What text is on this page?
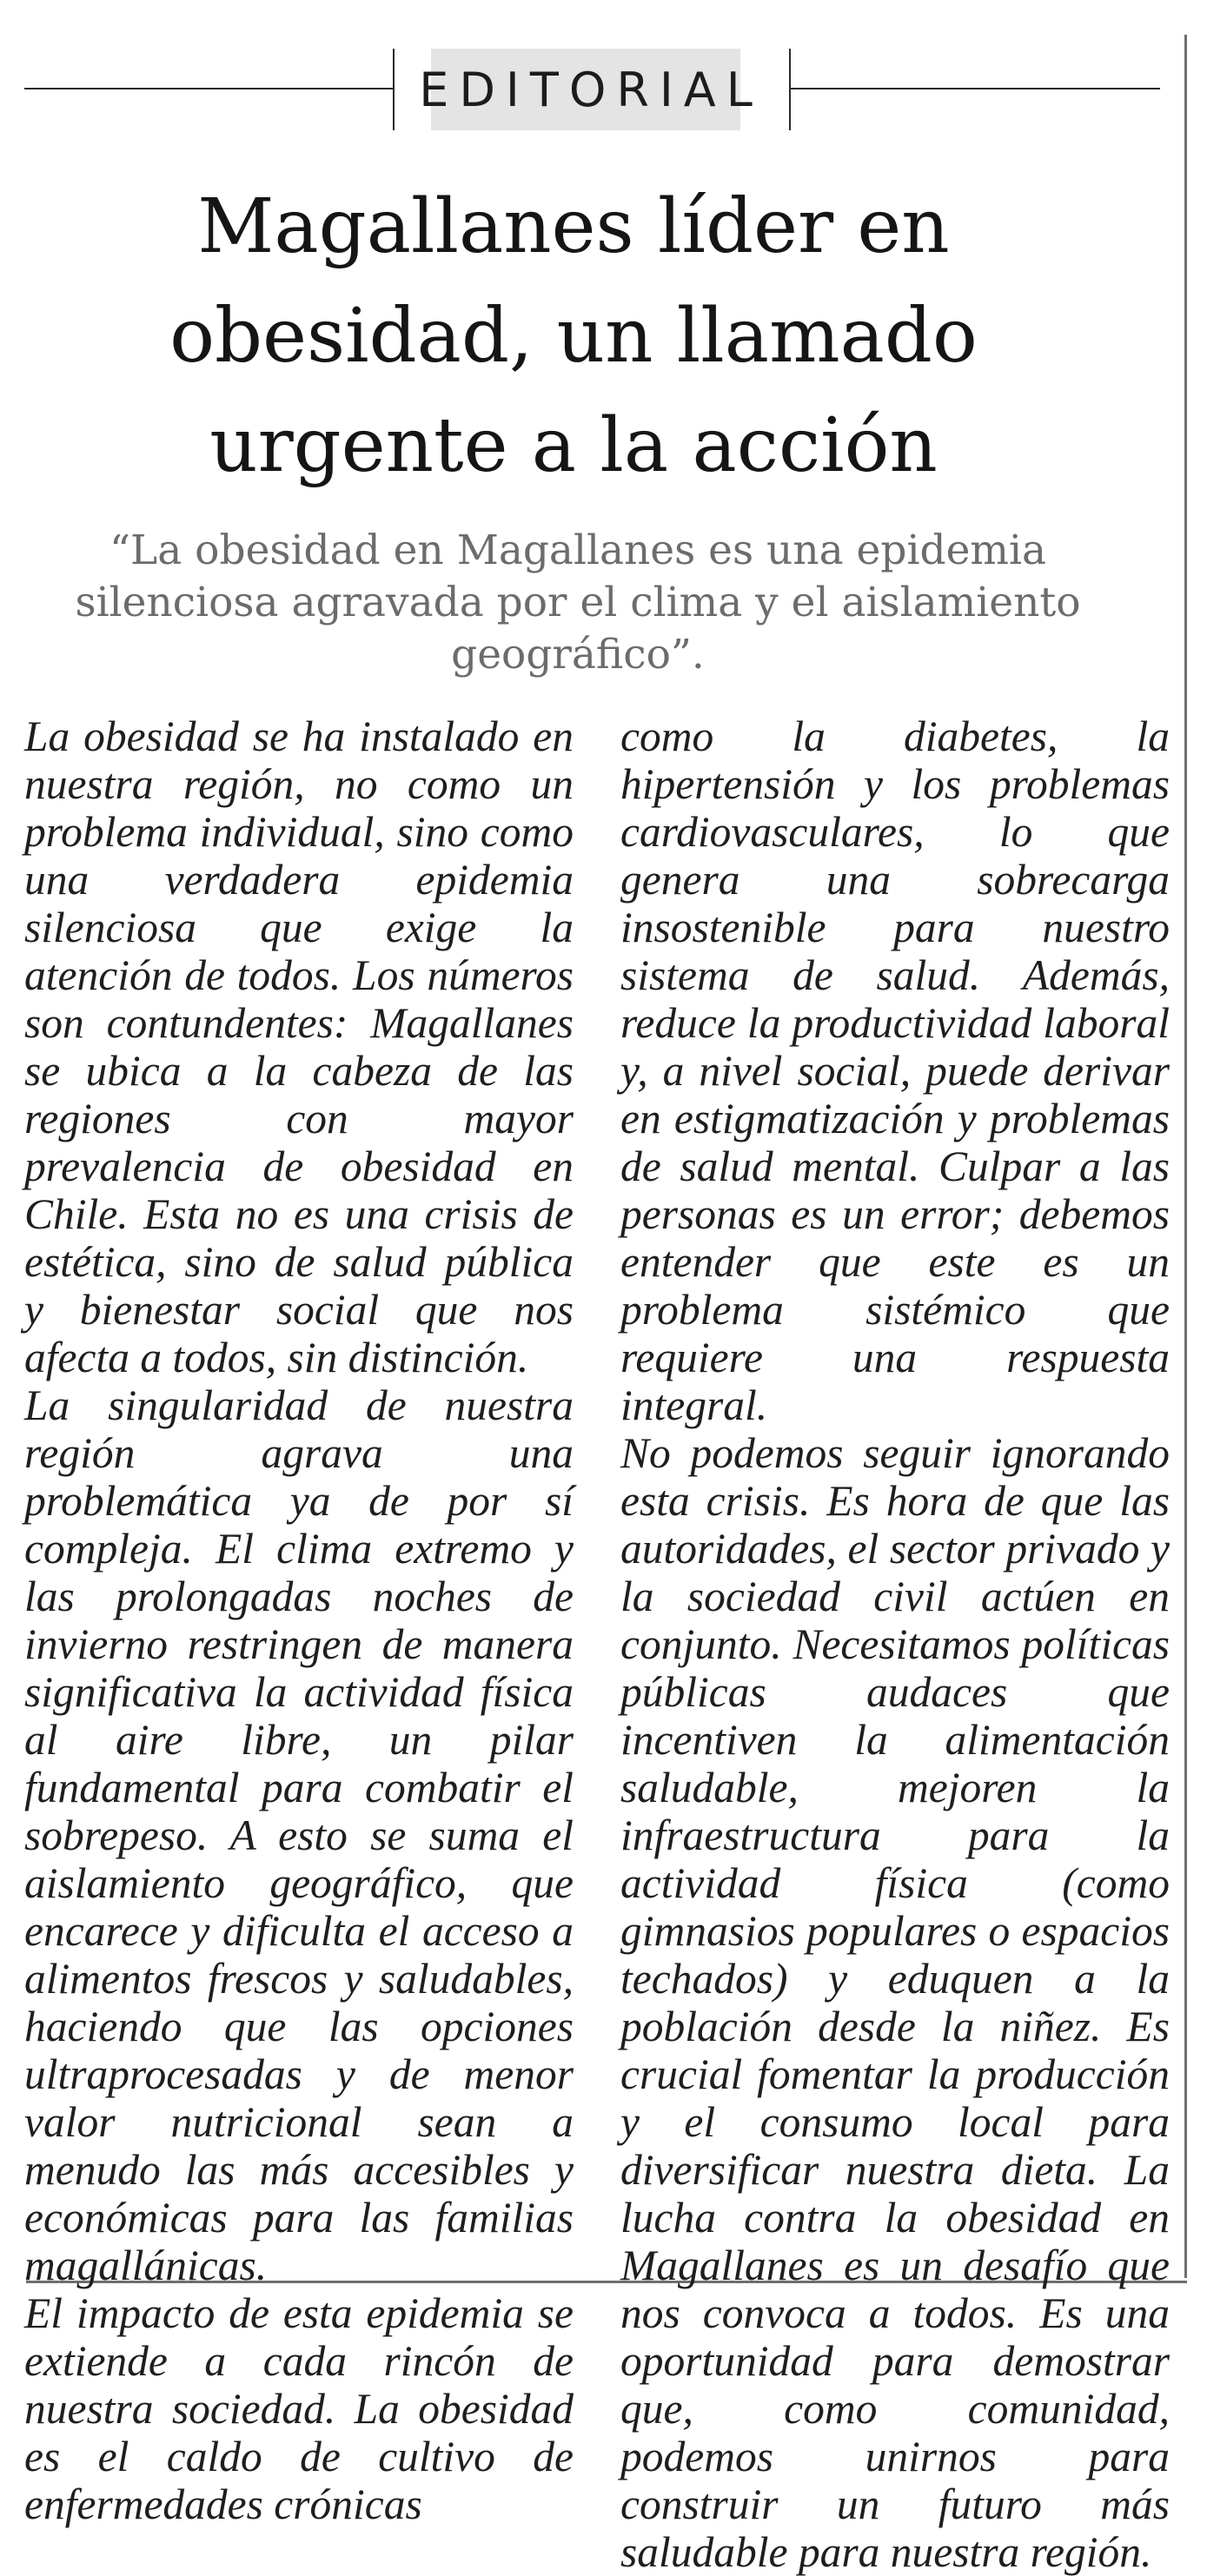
EDITORIAL
Magallanes líder en obesidad, un llamado urgente a la acción

“La obesidad en Magallanes es una epidemia silenciosa agravada por el clima y el aislamiento geográfico”.

La obesidad se ha instalado en nuestra región, no como un problema individual, sino como una verdadera epidemia silenciosa que exige la atención de todos. Los números son contundentes: Magallanes se ubica a la cabeza de las regiones con mayor prevalencia de obesidad en Chile. Esta no es una crisis de estética, sino de salud pública y bienestar social que nos afecta a todos, sin distinción.

La singularidad de nuestra región agrava una problemática ya de por sí compleja. El clima extremo y las prolongadas noches de invierno restringen de manera significativa la actividad física al aire libre, un pilar fundamental para combatir el sobrepeso. A esto se suma el aislamiento geográfico, que encarece y dificulta el acceso a alimentos frescos y saludables, haciendo que las opciones ultraprocesadas y de menor valor nutricional sean a menudo las más accesibles y económicas para las familias magallánicas.

El impacto de esta epidemia se extiende a cada rincón de nuestra sociedad. La obesidad es el caldo de cultivo de enfermedades crónicas

como la diabetes, la hipertensión y los problemas cardiovasculares, lo que genera una sobrecarga insostenible para nuestro sistema de salud. Además, reduce la productividad laboral y, a nivel social, puede derivar en estigmatización y problemas de salud mental. Culpar a las personas es un error; debemos entender que este es un problema sistémico que requiere una respuesta integral.

No podemos seguir ignorando esta crisis. Es hora de que las autoridades, el sector privado y la sociedad civil actúen en conjunto. Necesitamos políticas públicas audaces que incentiven la alimentación saludable, mejoren la infraestructura para la actividad física (como gimnasios populares o espacios techados) y eduquen a la población desde la niñez. Es crucial fomentar la producción y el consumo local para diversificar nuestra dieta. La lucha contra la obesidad en Magallanes es un desafío que nos convoca a todos. Es una oportunidad para demostrar que, como comunidad, podemos unirnos para construir un futuro más saludable para nuestra región.
